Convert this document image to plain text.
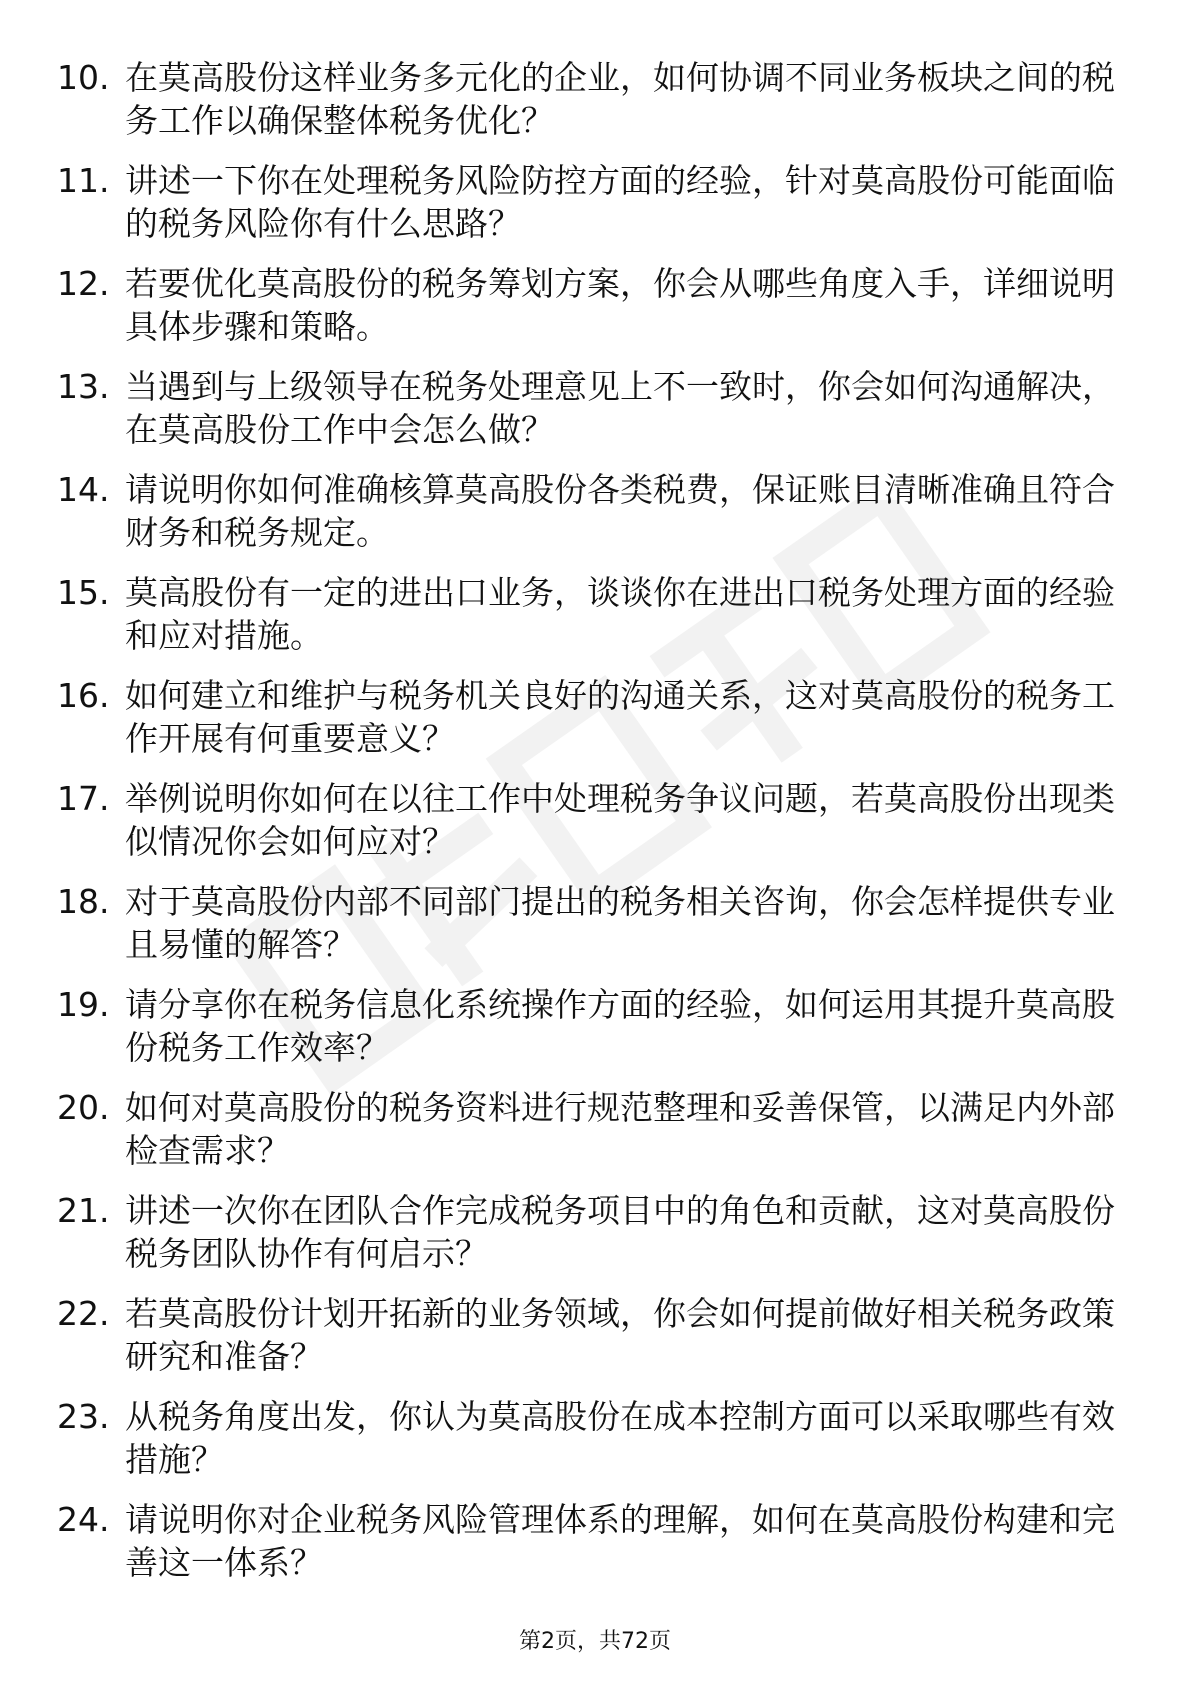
10. 在莫高股份这样业务多元化的企业，如何协调不同业务板块之间的税务工作以确保整体税务优化？
11. 讲述一下你在处理税务风险防控方面的经验，针对莫高股份可能面临的税务风险你有什么思路？
12. 若要优化莫高股份的税务筹划方案，你会从哪些角度入手，详细说明具体步骤和策略。
13. 当遇到与上级领导在税务处理意见上不一致时，你会如何沟通解决，在莫高股份工作中会怎么做？
14. 请说明你如何准确核算莫高股份各类税费，保证账目清晰准确且符合财务和税务规定。
15. 莫高股份有一定的进出口业务，谈谈你在进出口税务处理方面的经验和应对措施。
16. 如何建立和维护与税务机关良好的沟通关系，这对莫高股份的税务工作开展有何重要意义？
17. 举例说明你如何在以往工作中处理税务争议问题，若莫高股份出现类似情况你会如何应对？
18. 对于莫高股份内部不同部门提出的税务相关咨询，你会怎样提供专业且易懂的解答？
19. 请分享你在税务信息化系统操作方面的经验，如何运用其提升莫高股份税务工作效率？
20. 如何对莫高股份的税务资料进行规范整理和妥善保管，以满足内外部检查需求？
21. 讲述一次你在团队合作完成税务项目中的角色和贡献，这对莫高股份税务团队协作有何启示？
22. 若莫高股份计划开拓新的业务领域，你会如何提前做好相关税务政策研究和准备？
23. 从税务角度出发，你认为莫高股份在成本控制方面可以采取哪些有效措施？
24. 请说明你对企业税务风险管理体系的理解，如何在莫高股份构建和完善这一体系？
第2页，共72页
